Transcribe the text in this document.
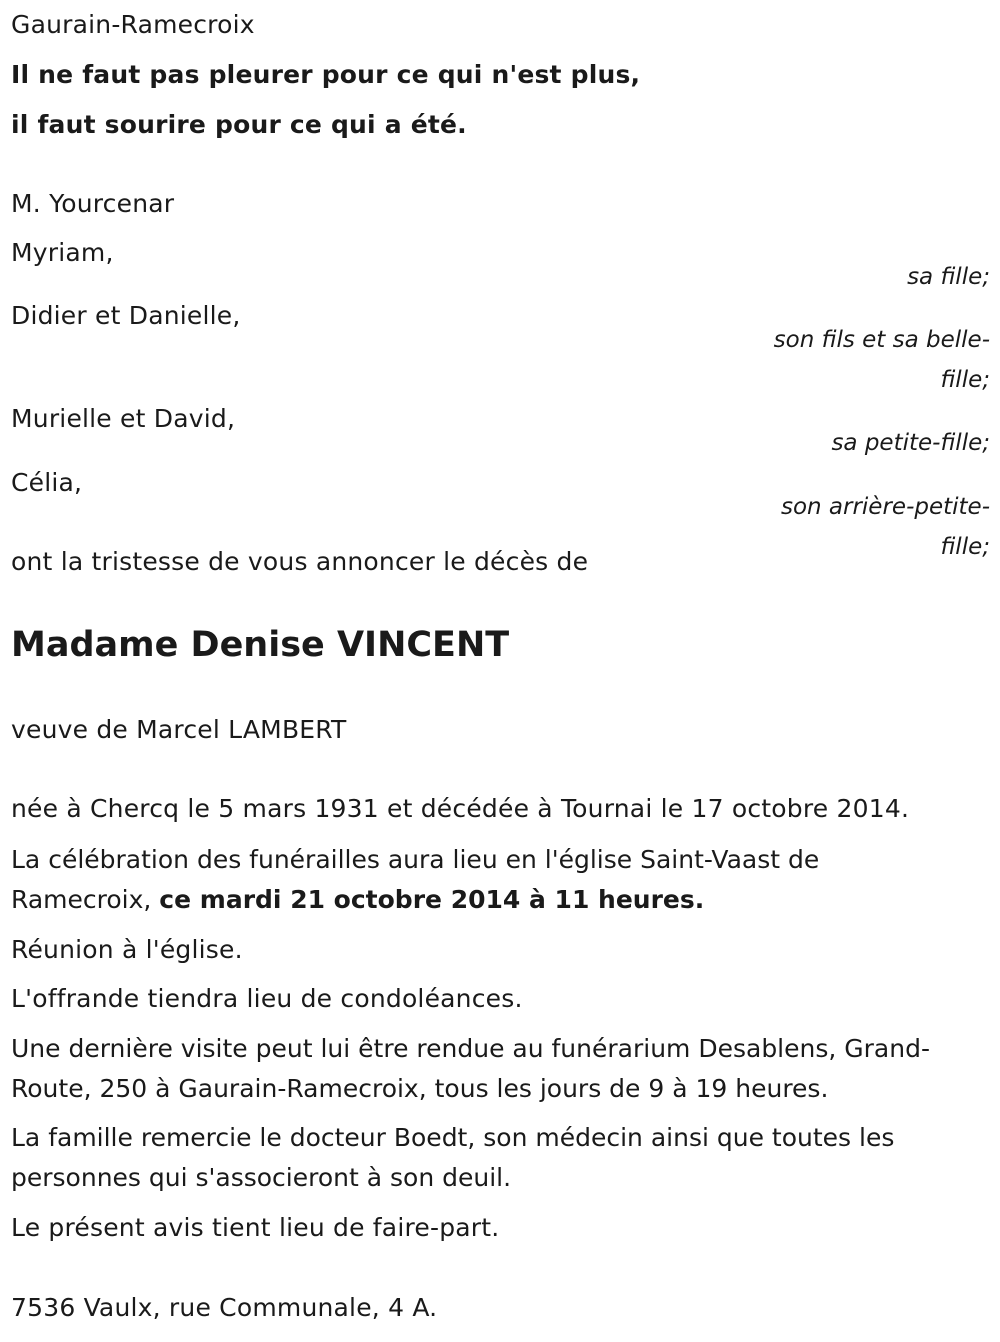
Gaurain-Ramecroix

Il ne faut pas pleurer pour ce qui n'est plus,

il faut sourire pour ce qui a été.

M. Yourcenar

Myriam,

sa fille;

Didier et Danielle,

son fils et sa belle-fille;

Murielle et David,

sa petite-fille;

Célia,

son arrière-petite-fille;

ont la tristesse de vous annoncer le décès de

Madame Denise VINCENT

veuve de Marcel LAMBERT

née à Chercq le 5 mars 1931 et décédée à Tournai le 17 octobre 2014.

La célébration des funérailles aura lieu en l'église Saint-Vaast de Ramecroix, ce mardi 21 octobre 2014 à 11 heures.

Réunion à l'église.

L'offrande tiendra lieu de condoléances.

Une dernière visite peut lui être rendue au funérarium Desablens, Grand-Route, 250 à Gaurain-Ramecroix, tous les jours de 9 à 19 heures.

La famille remercie le docteur Boedt, son médecin ainsi que toutes les personnes qui s'associeront à son deuil.

Le présent avis tient lieu de faire-part.

7536 Vaulx, rue Communale, 4 A.
